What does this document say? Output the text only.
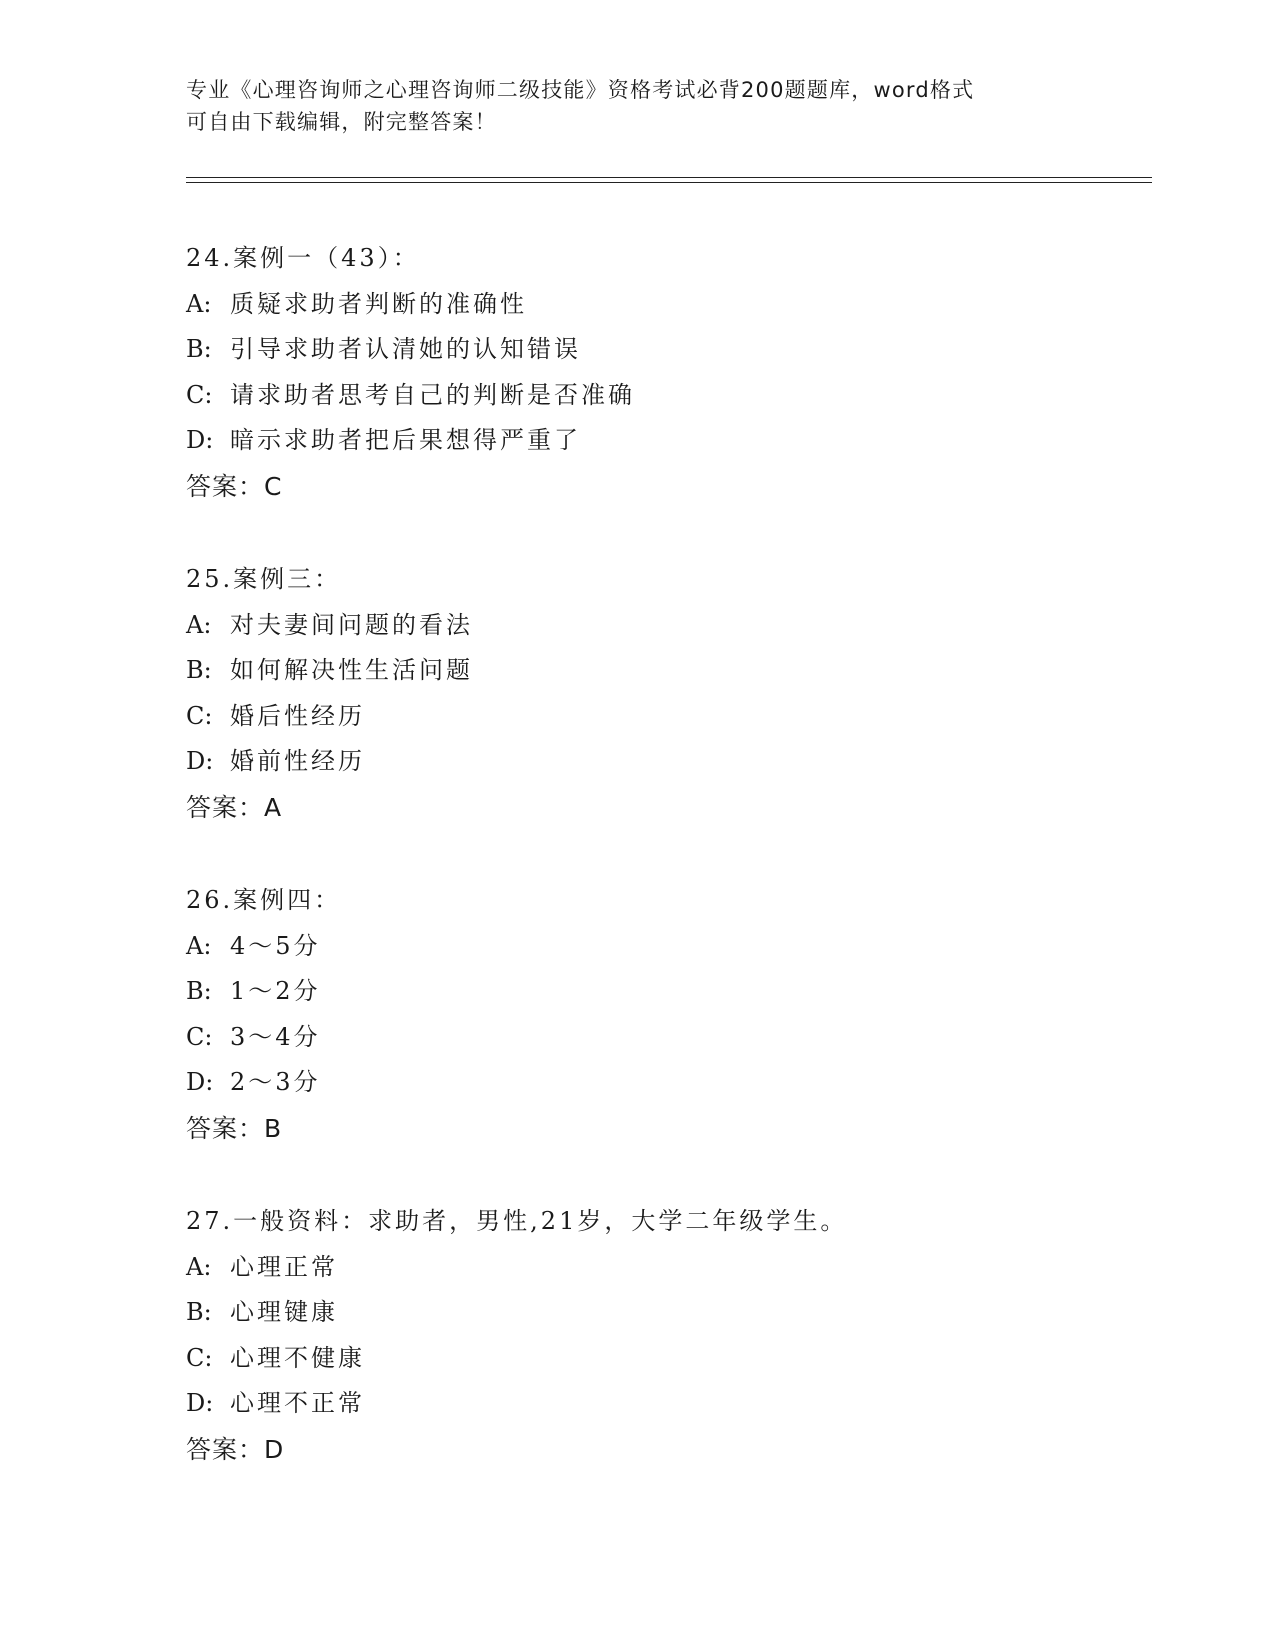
专业《心理咨询师之心理咨询师二级技能》资格考试必背200题题库，word格式
可自由下载编辑，附完整答案！
24.案例一（43）：
A: 质疑求助者判断的准确性
B: 引导求助者认清她的认知错误
C: 请求助者思考自己的判断是否准确
D: 暗示求助者把后果想得严重了
答案：C
25.案例三：
A: 对夫妻间问题的看法
B: 如何解决性生活问题
C: 婚后性经历
D: 婚前性经历
答案：A
26.案例四：
A: 4～5分
B: 1～2分
C: 3～4分
D: 2～3分
答案：B
27.一般资料：求助者，男性,21岁，大学二年级学生。
A: 心理正常
B: 心理键康
C: 心理不健康
D: 心理不正常
答案：D
